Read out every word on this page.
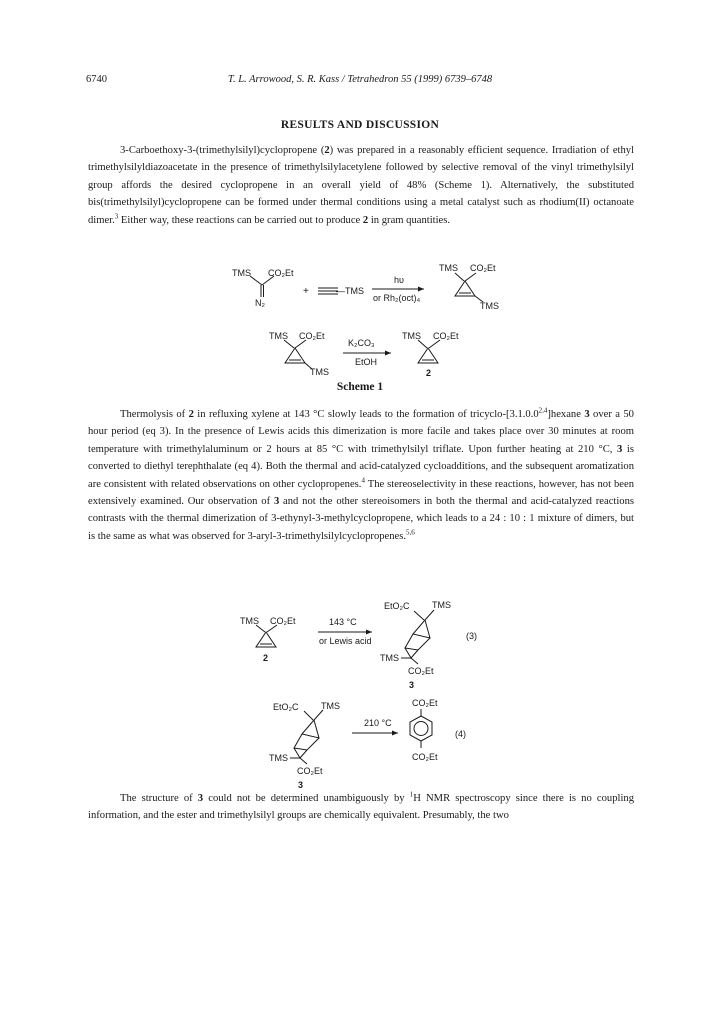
6740	T. L. Arrowood, S. R. Kass / Tetrahedron 55 (1999) 6739–6748
RESULTS AND DISCUSSION

3-Carboethoxy-3-(trimethylsilyl)cyclopropene (2) was prepared in a reasonably efficient sequence. Irradiation of ethyl trimethylsilyldiazoacetate in the presence of trimethylsilylacetylene followed by selective removal of the vinyl trimethylsilyl group affords the desired cyclopropene in an overall yield of 48% (Scheme 1). Alternatively, the substituted bis(trimethylsilyl)cyclopropene can be formed under thermal conditions using a metal catalyst such as rhodium(II) octanoate dimer.$^3$ Either way, these reactions can be carried out to produce 2 in gram quantities.

TMS CO₂Et
N₂
+	—TMS
hυ
or Rh₂(oct)₄
TMS CO₂Et
TMS
TMS CO₂Et
TMS
K₂CO₃
EtOH
TMS CO₂Et
2
Scheme 1

Thermolysis of 2 in refluxing xylene at 143 °C slowly leads to the formation of tricyclo-[3.1.0.0$^{2,4}$]hexane 3 over a 50 hour period (eq 3). In the presence of Lewis acids this dimerization is more facile and takes place over 30 minutes at room temperature with trimethylaluminum or 2 hours at 85 °C with trimethylsilyl triflate. Upon further heating at 210 °C, 3 is converted to diethyl terephthalate (eq 4). Both the thermal and acid-catalyzed cycloadditions, and the subsequent aromatization are consistent with related observations on other cyclopropenes.$^4$ The stereoselectivity in these reactions, however, has not been extensively examined. Our observation of 3 and not the other stereoisomers in both the thermal and acid-catalyzed reactions contrasts with the thermal dimerization of 3-ethynyl-3-methylcyclopropene, which leads to a 24 : 10 : 1 mixture of dimers, but is the same as what was observed for 3-aryl-3-trimethylsilylcyclopropenes.$^{5,6}$

TMS CO₂Et
2
143 °C
or Lewis acid
EtO₂C	TMS
TMS
CO₂Et
3
(3)
EtO₂C	TMS
TMS
CO₂Et
3
210 °C
CO₂Et
CO₂Et
(4)

The structure of 3 could not be determined unambiguously by $^1$H NMR spectroscopy since there is no coupling information, and the ester and trimethylsilyl groups are chemically equivalent. Presumably, the two
